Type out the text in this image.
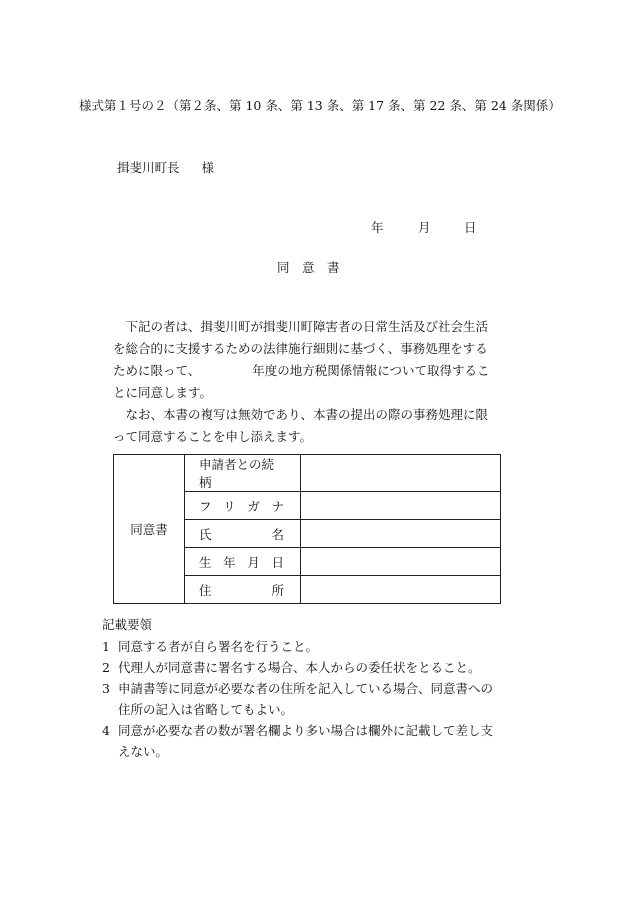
様式第１号の２（第２条、第 10 条、第 13 条、第 17 条、第 22 条、第 24 条関係）
揖斐川町長 様
年	月	日
同　意　書

下記の者は、揖斐川町が揖斐川町障害者の日常生活及び社会生活を総合的に支援するための法律施行細則に基づく、事務処理をするために限って、	年度の地方税関係情報について取得することに同意します。

なお、本書の複写は無効であり、本書の提出の際の事務処理に限って同意することを申し添えます。

同意書	申請者との続柄	

	フ リ ガ ナ	

	氏 名	

	生 年 月 日	

	住 所	

記載要領
1 同意する者が自ら署名を行うこと。
2 代理人が同意書に署名する場合、本人からの委任状をとること。
3 申請書等に同意が必要な者の住所を記入している場合、同意書への住所の記入は省略してもよい。
4 同意が必要な者の数が署名欄より多い場合は欄外に記載して差し支えない。
